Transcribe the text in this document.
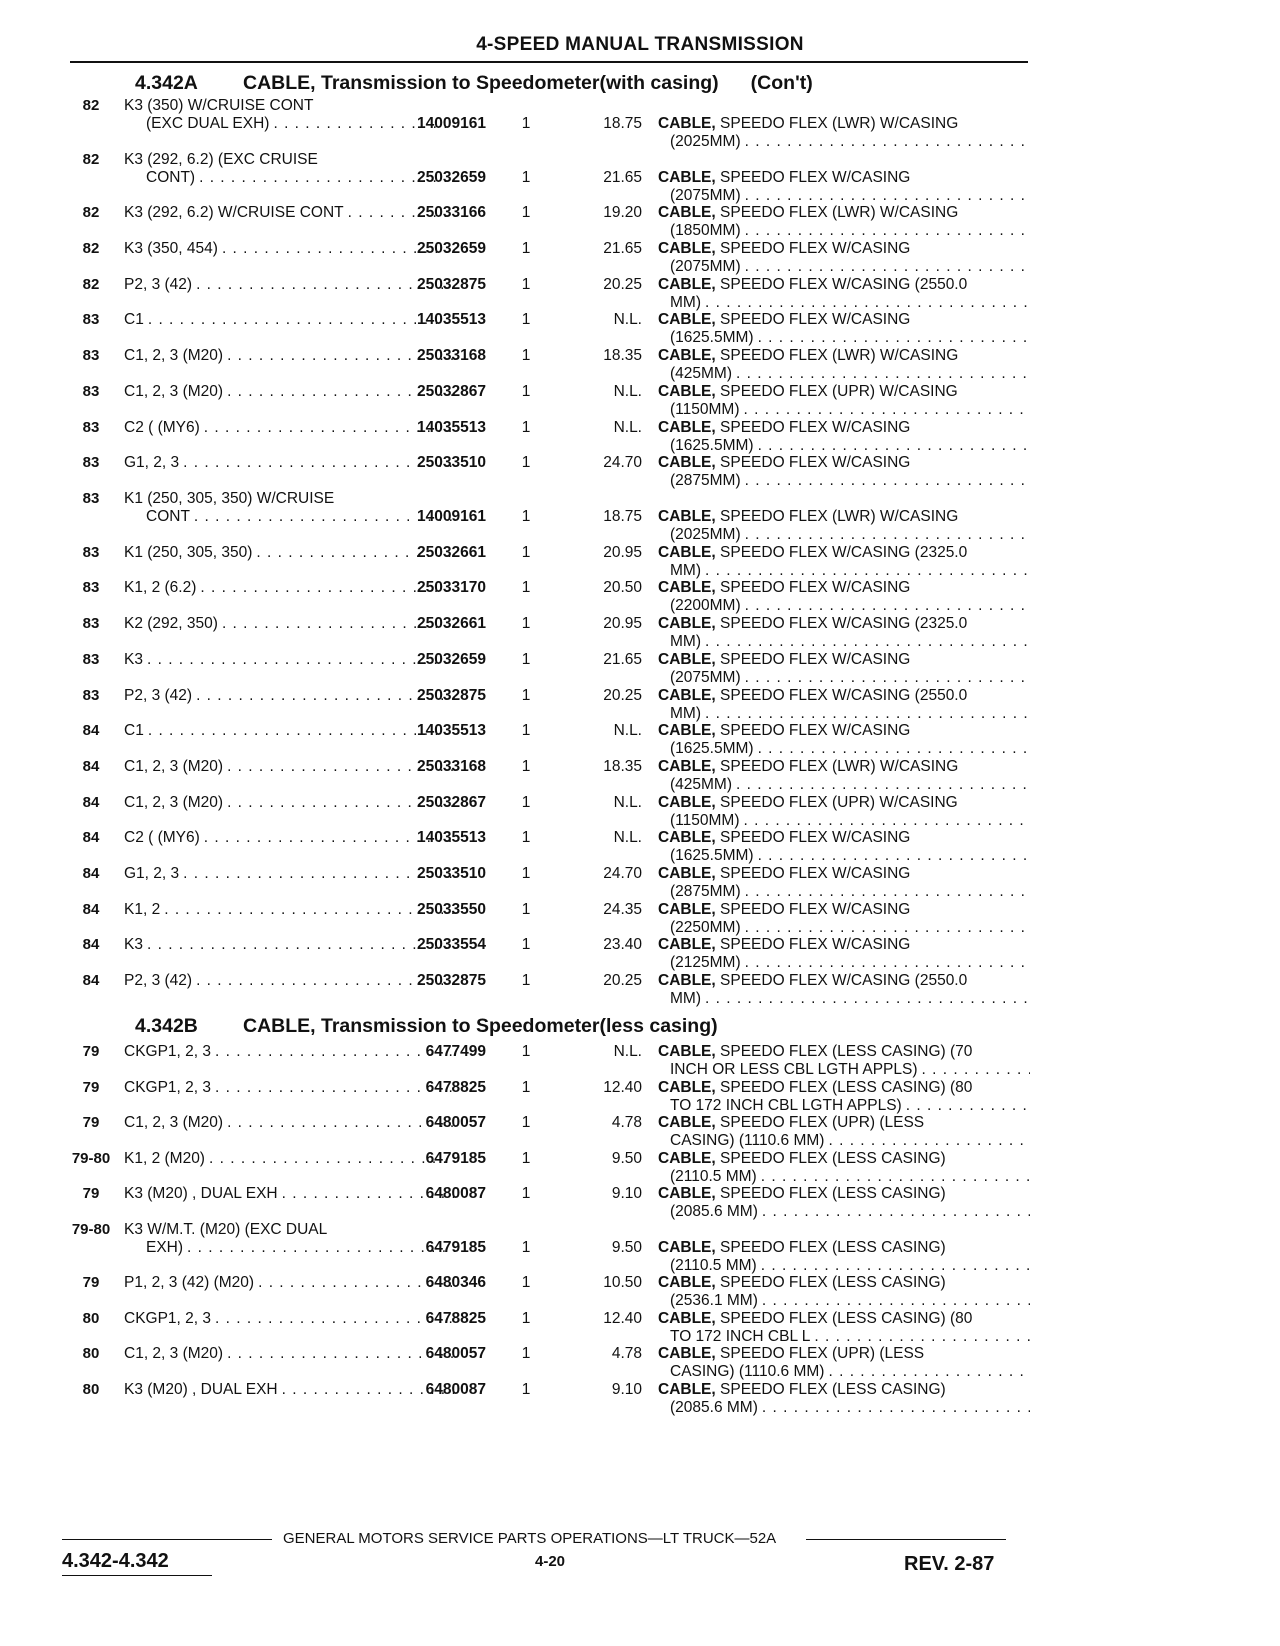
4-SPEED MANUAL TRANSMISSION
4.342A CABLE, Transmission to Speedometer(with casing) (Con't)
82	K3 (350) W/CRUISE CONT
(EXC DUAL EXH) . . .	14009161	1	18.75 CABLE, SPEEDO FLEX (LWR) W/CASING
(2025MM)
. . .
82	K3 (292, 6.2) (EXC CRUISE
CONT) . . .	25032659	1	21.65 CABLE, SPEEDO FLEX W/CASING
(2075MM)
. . .
82	K3 (292, 6.2) W/CRUISE CONT . . .	25033166	1	19.20 CABLE, SPEEDO FLEX (LWR) W/CASING
(1850MM)
. . .
82	K3 (350, 454) . . .	25032659	1	21.65 CABLE, SPEEDO FLEX W/CASING
(2075MM)
. . .
82	P2, 3 (42) . . .	25032875	1	20.25 CABLE, SPEEDO FLEX W/CASING (2550.0
MM)
. . .
83	C1 . . .	14035513	1	N.L. CABLE, SPEEDO FLEX W/CASING
(1625.5MM)
. . .
83	C1, 2, 3 (M20) . . .	25033168	1	18.35 CABLE, SPEEDO FLEX (LWR) W/CASING
(425MM)
. . .
83	C1, 2, 3 (M20) . . .	25032867	1	N.L. CABLE, SPEEDO FLEX (UPR) W/CASING
(1150MM)
. . .
83	C2 ( (MY6) . . .	14035513	1	N.L. CABLE, SPEEDO FLEX W/CASING
(1625.5MM)
. . .
83	G1, 2, 3 . . .	25033510	1	24.70 CABLE, SPEEDO FLEX W/CASING
(2875MM)
. . .
83	K1 (250, 305, 350) W/CRUISE
CONT . . .	14009161	1	18.75 CABLE, SPEEDO FLEX (LWR) W/CASING
(2025MM)
. . .
83	K1 (250, 305, 350) . . .	25032661	1	20.95 CABLE, SPEEDO FLEX W/CASING (2325.0
MM)
. . .
83	K1, 2 (6.2) . . .	25033170	1	20.50 CABLE, SPEEDO FLEX W/CASING
(2200MM)
. . .
83	K2 (292, 350) . . .	25032661	1	20.95 CABLE, SPEEDO FLEX W/CASING (2325.0
MM)
. . .
83	K3 . . .	25032659	1	21.65 CABLE, SPEEDO FLEX W/CASING
(2075MM)
. . .
83	P2, 3 (42) . . .	25032875	1	20.25 CABLE, SPEEDO FLEX W/CASING (2550.0
MM)
. . .
84	C1 . . .	14035513	1	N.L. CABLE, SPEEDO FLEX W/CASING
(1625.5MM)
. . .
84	C1, 2, 3 (M20) . . .	25033168	1	18.35 CABLE, SPEEDO FLEX (LWR) W/CASING
(425MM)
. . .
84	C1, 2, 3 (M20) . . .	25032867	1	N.L. CABLE, SPEEDO FLEX (UPR) W/CASING
(1150MM)
. . .
84	C2 ( (MY6) . . .	14035513	1	N.L. CABLE, SPEEDO FLEX W/CASING
(1625.5MM)
. . .
84	G1, 2, 3 . . .	25033510	1	24.70 CABLE, SPEEDO FLEX W/CASING
(2875MM)
. . .
84	K1, 2 . . .	25033550	1	24.35 CABLE, SPEEDO FLEX W/CASING
(2250MM)
. . .
84	K3 . . .	25033554	1	23.40 CABLE, SPEEDO FLEX W/CASING
(2125MM)
. . .
84	P2, 3 (42) . . .	25032875	1	20.25 CABLE, SPEEDO FLEX W/CASING (2550.0
MM)
. . .
4.342B CABLE, Transmission to Speedometer(less casing)
79	CKGP1, 2, 3 . . .	6477499	1	N.L. CABLE, SPEEDO FLEX (LESS CASING) (70
INCH OR LESS CBL LGTH APPLS)
. . .
79	CKGP1, 2, 3 . . .	6478825	1	12.40 CABLE, SPEEDO FLEX (LESS CASING) (80
TO 172 INCH CBL LGTH APPLS)
. . .
79	C1, 2, 3 (M20) . . .	6480057	1	4.78 CABLE, SPEEDO FLEX (UPR) (LESS
CASING) (1110.6 MM)
. . .
79-80 K1, 2 (M20) . . .	6479185	1	9.50 CABLE, SPEEDO FLEX (LESS CASING)
(2110.5 MM)
. . .
79	K3 (M20) , DUAL EXH . . .	6480087	1	9.10 CABLE, SPEEDO FLEX (LESS CASING)
(2085.6 MM)
. . .
79-80 K3 W/M.T. (M20) (EXC DUAL
EXH) . . .	6479185	1	9.50 CABLE, SPEEDO FLEX (LESS CASING)
(2110.5 MM)
. . .
79	P1, 2, 3 (42) (M20) . . .	6480346	1	10.50 CABLE, SPEEDO FLEX (LESS CASING)
(2536.1 MM)
. . .
80	CKGP1, 2, 3 . . .	6478825	1	12.40 CABLE, SPEEDO FLEX (LESS CASING) (80
TO 172 INCH CBL L
. . .
80	C1, 2, 3 (M20) . . .	6480057	1	4.78 CABLE, SPEEDO FLEX (UPR) (LESS
CASING) (1110.6 MM)
. . .
80	K3 (M20) , DUAL EXH . . .	6480087	1	9.10 CABLE, SPEEDO FLEX (LESS CASING)
(2085.6 MM)
. . .
GENERAL MOTORS SERVICE PARTS OPERATIONS—LT TRUCK—52A
4.342-4.342	4-20	REV. 2-87
